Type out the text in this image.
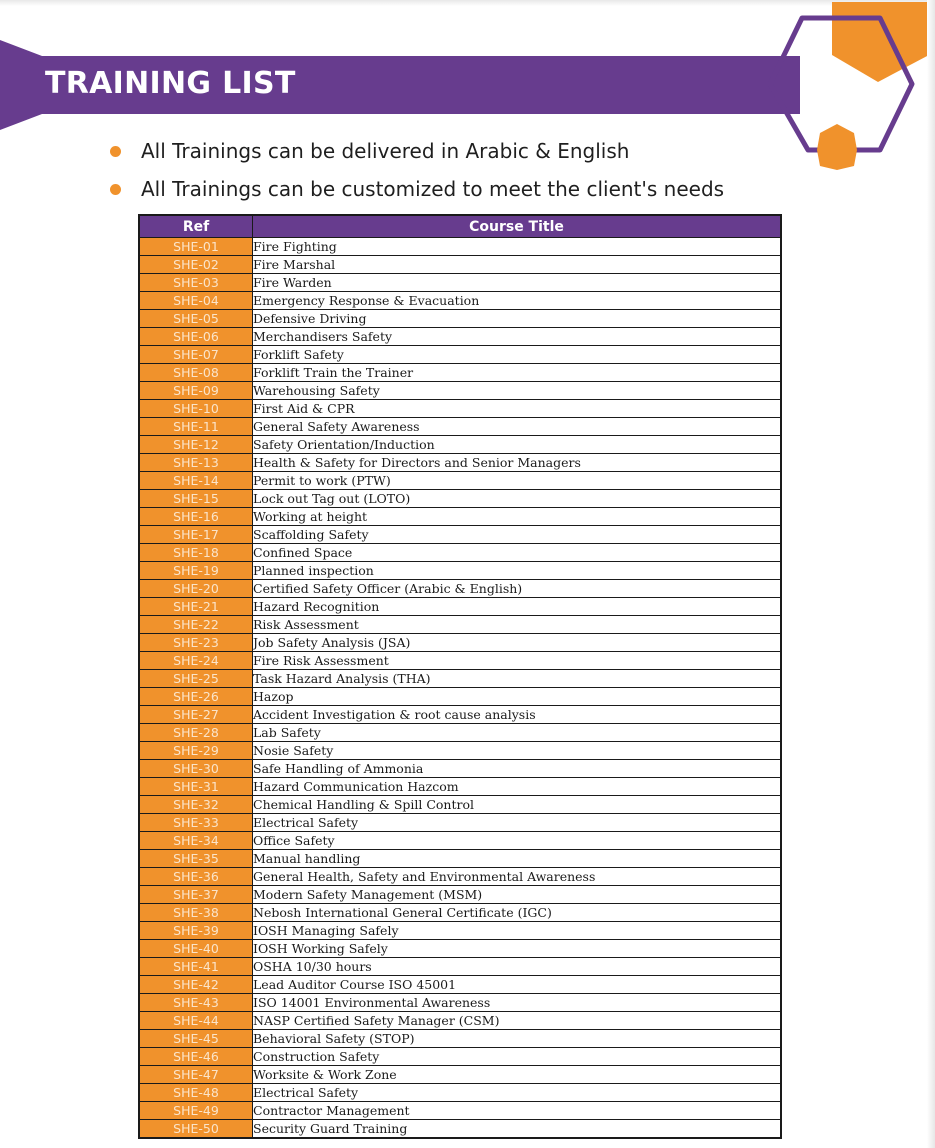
TRAINING LIST
All Trainings can be delivered in Arabic & English
All Trainings can be customized to meet the client's needs
Ref	Course Title
SHE-01	Fire Fighting
SHE-02	Fire Marshal
SHE-03	Fire Warden
SHE-04	Emergency Response & Evacuation
SHE-05	Defensive Driving
SHE-06	Merchandisers Safety
SHE-07	Forklift Safety
SHE-08	Forklift Train the Trainer
SHE-09	Warehousing Safety
SHE-10	First Aid & CPR
SHE-11	General Safety Awareness
SHE-12	Safety Orientation/Induction
SHE-13	Health & Safety for Directors and Senior Managers
SHE-14	Permit to work (PTW)
SHE-15	Lock out Tag out (LOTO)
SHE-16	Working at height
SHE-17	Scaffolding Safety
SHE-18	Confined Space
SHE-19	Planned inspection
SHE-20	Certified Safety Officer (Arabic & English)
SHE-21	Hazard Recognition
SHE-22	Risk Assessment
SHE-23	Job Safety Analysis (JSA)
SHE-24	Fire Risk Assessment
SHE-25	Task Hazard Analysis (THA)
SHE-26	Hazop
SHE-27	Accident Investigation & root cause analysis
SHE-28	Lab Safety
SHE-29	Nosie Safety
SHE-30	Safe Handling of Ammonia
SHE-31	Hazard Communication Hazcom
SHE-32	Chemical Handling & Spill Control
SHE-33	Electrical Safety
SHE-34	Office Safety
SHE-35	Manual handling
SHE-36	General Health, Safety and Environmental Awareness
SHE-37	Modern Safety Management (MSM)
SHE-38	Nebosh International General Certificate (IGC)
SHE-39	IOSH Managing Safely
SHE-40	IOSH Working Safely
SHE-41	OSHA 10/30 hours
SHE-42	Lead Auditor Course ISO 45001
SHE-43	ISO 14001 Environmental Awareness
SHE-44	NASP Certified Safety Manager (CSM)
SHE-45	Behavioral Safety (STOP)
SHE-46	Construction Safety
SHE-47	Worksite & Work Zone
SHE-48	Electrical Safety
SHE-49	Contractor Management
SHE-50	Security Guard Training
